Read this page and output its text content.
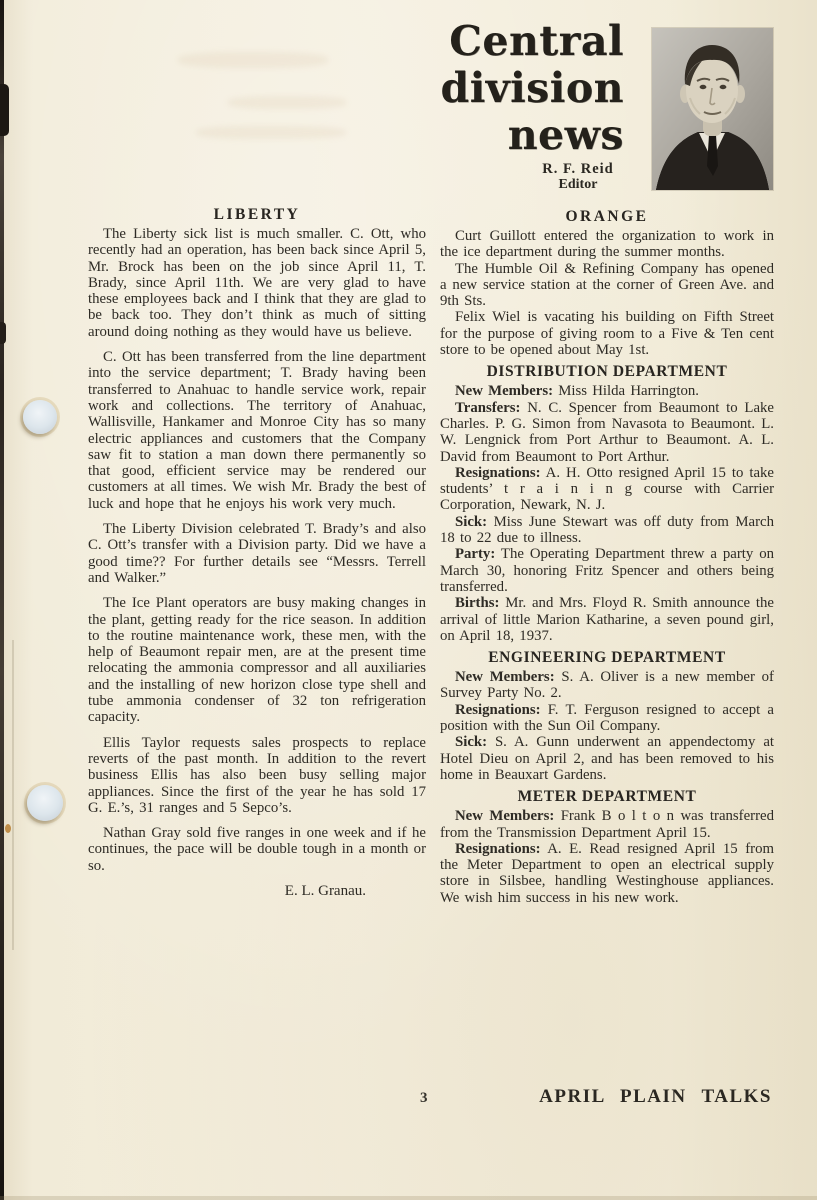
Central
division
news
R. F. Reid
Editor
LIBERTY

The Liberty sick list is much smaller. C. Ott, who recently had an operation, has been back since April 5, Mr. Brock has been on the job since April 11, T. Brady, since April 11th. We are very glad to have these employees back and I think that they are glad to be back too. They don’t think as much of sitting around doing nothing as they would have us believe.

C. Ott has been transferred from the line department into the service department; T. Brady having been transferred to Anahuac to handle service work, repair work and collections. The territory of Anahuac, Wallisville, Hankamer and Monroe City has so many electric appliances and customers that the Company saw fit to station a man down there permanently so that good, efficient service may be rendered our customers at all times. We wish Mr. Brady the best of luck and hope that he enjoys his work very much.

The Liberty Division celebrated T. Brady’s and also C. Ott’s transfer with a Division party. Did we have a good time?? For further details see “Messrs. Terrell and Walker.”

The Ice Plant operators are busy making changes in the plant, getting ready for the rice season. In addition to the routine maintenance work, these men, with the help of Beaumont repair men, are at the present time relocating the ammonia compressor and all auxiliaries and the installing of new horizon close type shell and tube ammonia condenser of 32 ton refrigeration capacity.

Ellis Taylor requests sales prospects to replace reverts of the past month. In addition to the revert business Ellis has also been busy selling major appliances. Since the first of the year he has sold 17 G. E.’s, 31 ranges and 5 Sepco’s.

Nathan Gray sold five ranges in one week and if he continues, the pace will be double tough in a month or so.

E. L. Granau.
ORANGE

Curt Guillott entered the organization to work in the ice department during the summer months.

The Humble Oil & Refining Company has opened a new service station at the corner of Green Ave. and 9th Sts.

Felix Wiel is vacating his building on Fifth Street for the purpose of giving room to a Five & Ten cent store to be opened about May 1st.

DISTRIBUTION DEPARTMENT

New Members: Miss Hilda Harrington.

Transfers: N. C. Spencer from Beaumont to Lake Charles. P. G. Simon from Navasota to Beaumont. L. W. Lengnick from Port Arthur to Beaumont. A. L. David from Beaumont to Port Arthur.

Resignations: A. H. Otto resigned April 15 to take students’ t r a i n i n g course with Carrier Corporation, Newark, N. J.

Sick: Miss June Stewart was off duty from March 18 to 22 due to illness.

Party: The Operating Department threw a party on March 30, honoring Fritz Spencer and others being transferred.

Births: Mr. and Mrs. Floyd R. Smith announce the arrival of little Marion Katharine, a seven pound girl, on April 18, 1937.

ENGINEERING DEPARTMENT

New Members: S. A. Oliver is a new member of Survey Party No. 2.

Resignations: F. T. Ferguson resigned to accept a position with the Sun Oil Company.

Sick: S. A. Gunn underwent an appendectomy at Hotel Dieu on April 2, and has been removed to his home in Beauxart Gardens.

METER DEPARTMENT

New Members: Frank B o l t o n was transferred from the Transmission Department April 15.

Resignations: A. E. Read resigned April 15 from the Meter Department to open an electrical supply store in Silsbee, handling Westinghouse appliances. We wish him success in his new work.

3	APRIL PLAIN TALKS
